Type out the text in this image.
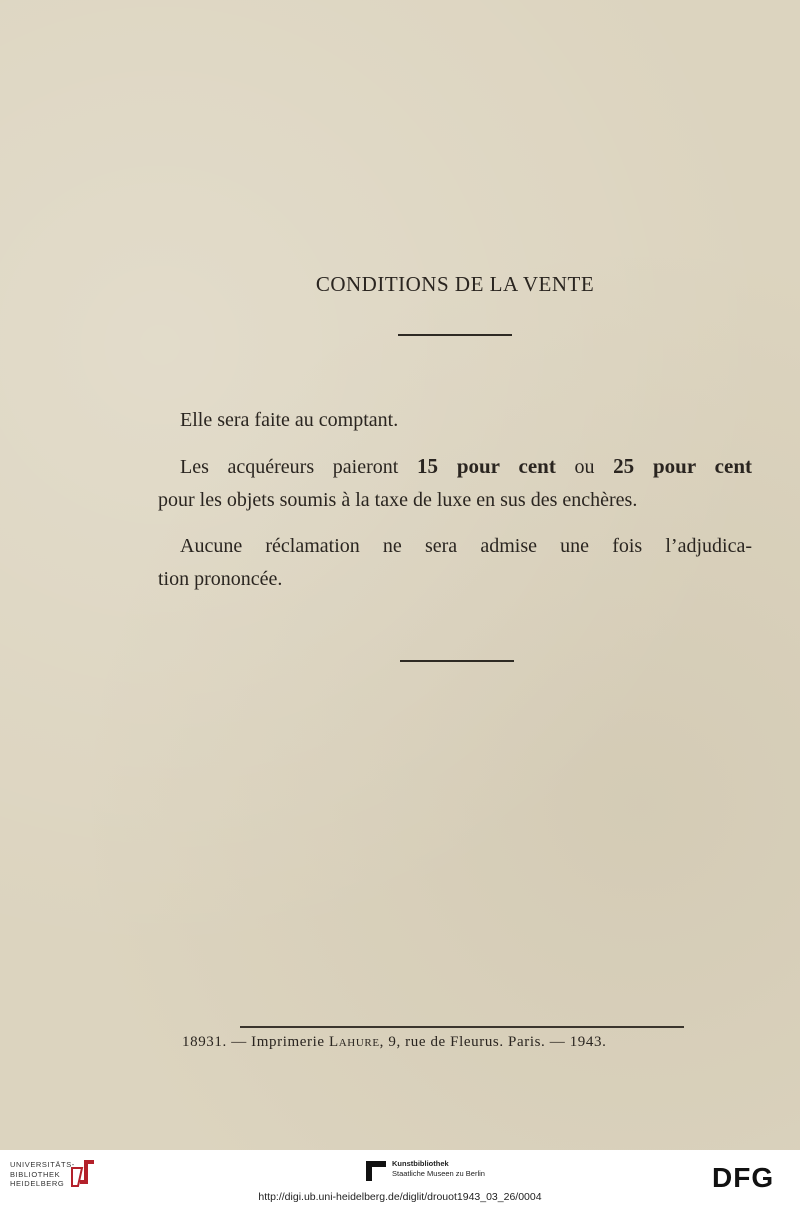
CONDITIONS DE LA VENTE
Elle sera faite au comptant.
Les acquéreurs paieront 15 pour cent ou 25 pour cent
pour les objets soumis à la taxe de luxe en sus des enchères.
Aucune réclamation ne sera admise une fois l’adjudica-
tion prononcée.
18931. — Imprimerie Lahure, 9, rue de Fleurus. Paris. — 1943.
UNIVERSITÄTS-
BIBLIOTHEK
HEIDELBERG
Kunstbibliothek
Staatliche Museen zu Berlin	DFG
http://digi.ub.uni-heidelberg.de/diglit/drouot1943_03_26/0004
